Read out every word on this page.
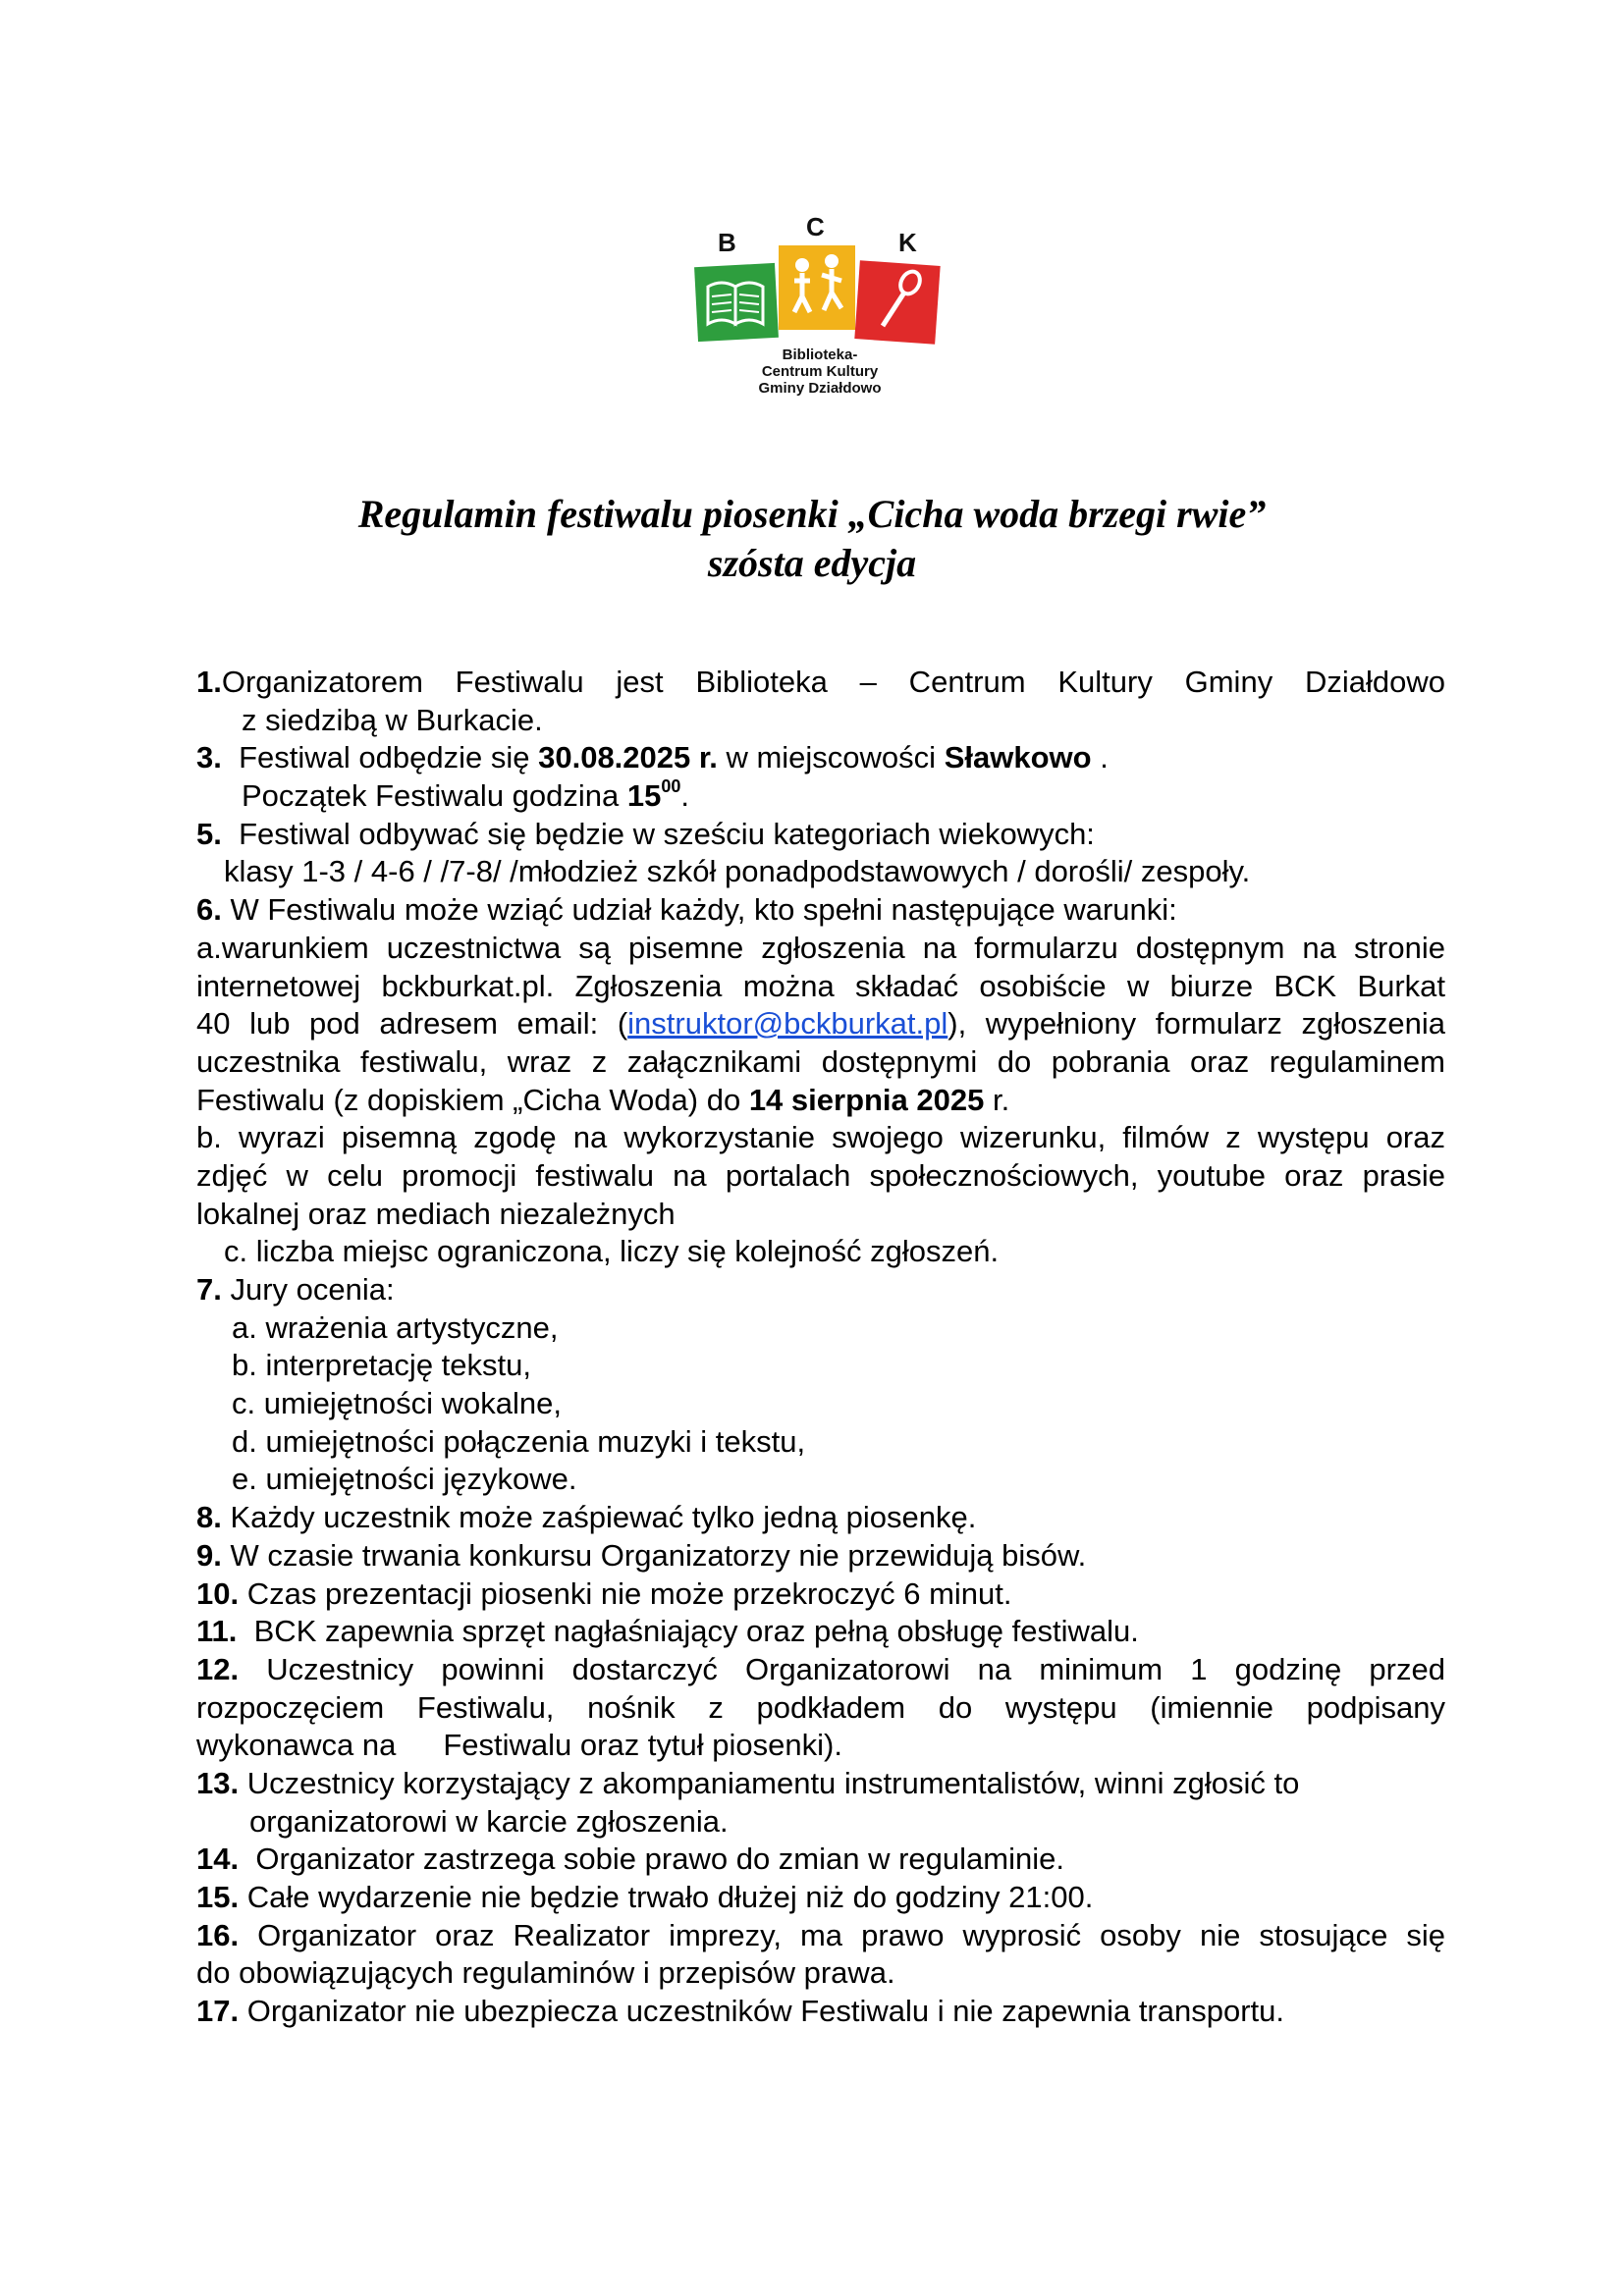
B
C
K
Biblioteka-
Centrum Kultury
Gminy Działdowo
Regulamin festiwalu piosenki „Cicha woda brzegi rwie”
szósta edycja
1.Organizatorem Festiwalu jest Biblioteka – Centrum Kultury Gminy Działdowo
z siedzibą w Burkacie.
3. Festiwal odbędzie się 30.08.2025 r. w miejscowości Sławkowo .
Początek Festiwalu godzina $15^{00}$.
5. Festiwal odbywać się będzie w sześciu kategoriach wiekowych:
klasy 1-3 / 4-6 / /7-8/ /młodzież szkół ponadpodstawowych / dorośli/ zespoły.
6. W Festiwalu może wziąć udział każdy, kto spełni następujące warunki:
a.warunkiem uczestnictwa są pisemne zgłoszenia na formularzu dostępnym na stronie
internetowej bckburkat.pl. Zgłoszenia można składać osobiście w biurze BCK Burkat
40 lub pod adresem email: (instruktor@bckburkat.pl), wypełniony formularz zgłoszenia
uczestnika festiwalu, wraz z załącznikami dostępnymi do pobrania oraz regulaminem
Festiwalu (z dopiskiem „Cicha Woda) do 14 sierpnia 2025 r.
b. wyrazi pisemną zgodę na wykorzystanie swojego wizerunku, filmów z występu oraz
zdjęć w celu promocji festiwalu na portalach społecznościowych, youtube oraz prasie
lokalnej oraz mediach niezależnych
c. liczba miejsc ograniczona, liczy się kolejność zgłoszeń.
7. Jury ocenia:
a. wrażenia artystyczne,
b. interpretację tekstu,
c. umiejętności wokalne,
d. umiejętności połączenia muzyki i tekstu,
e. umiejętności językowe.
8. Każdy uczestnik może zaśpiewać tylko jedną piosenkę.
9. W czasie trwania konkursu Organizatorzy nie przewidują bisów.
10. Czas prezentacji piosenki nie może przekroczyć 6 minut.
11. BCK zapewnia sprzęt nagłaśniający oraz pełną obsługę festiwalu.
12. Uczestnicy powinni dostarczyć Organizatorowi na minimum 1 godzinę przed
rozpoczęciem Festiwalu, nośnik z podkładem do występu (imiennie podpisany
wykonawca na Festiwalu oraz tytuł piosenki).
13. Uczestnicy korzystający z akompaniamentu instrumentalistów, winni zgłosić to
organizatorowi w karcie zgłoszenia.
14. Organizator zastrzega sobie prawo do zmian w regulaminie.
15. Całe wydarzenie nie będzie trwało dłużej niż do godziny 21:00.
16. Organizator oraz Realizator imprezy, ma prawo wyprosić osoby nie stosujące się
do obowiązujących regulaminów i przepisów prawa.
17. Organizator nie ubezpiecza uczestników Festiwalu i nie zapewnia transportu.
